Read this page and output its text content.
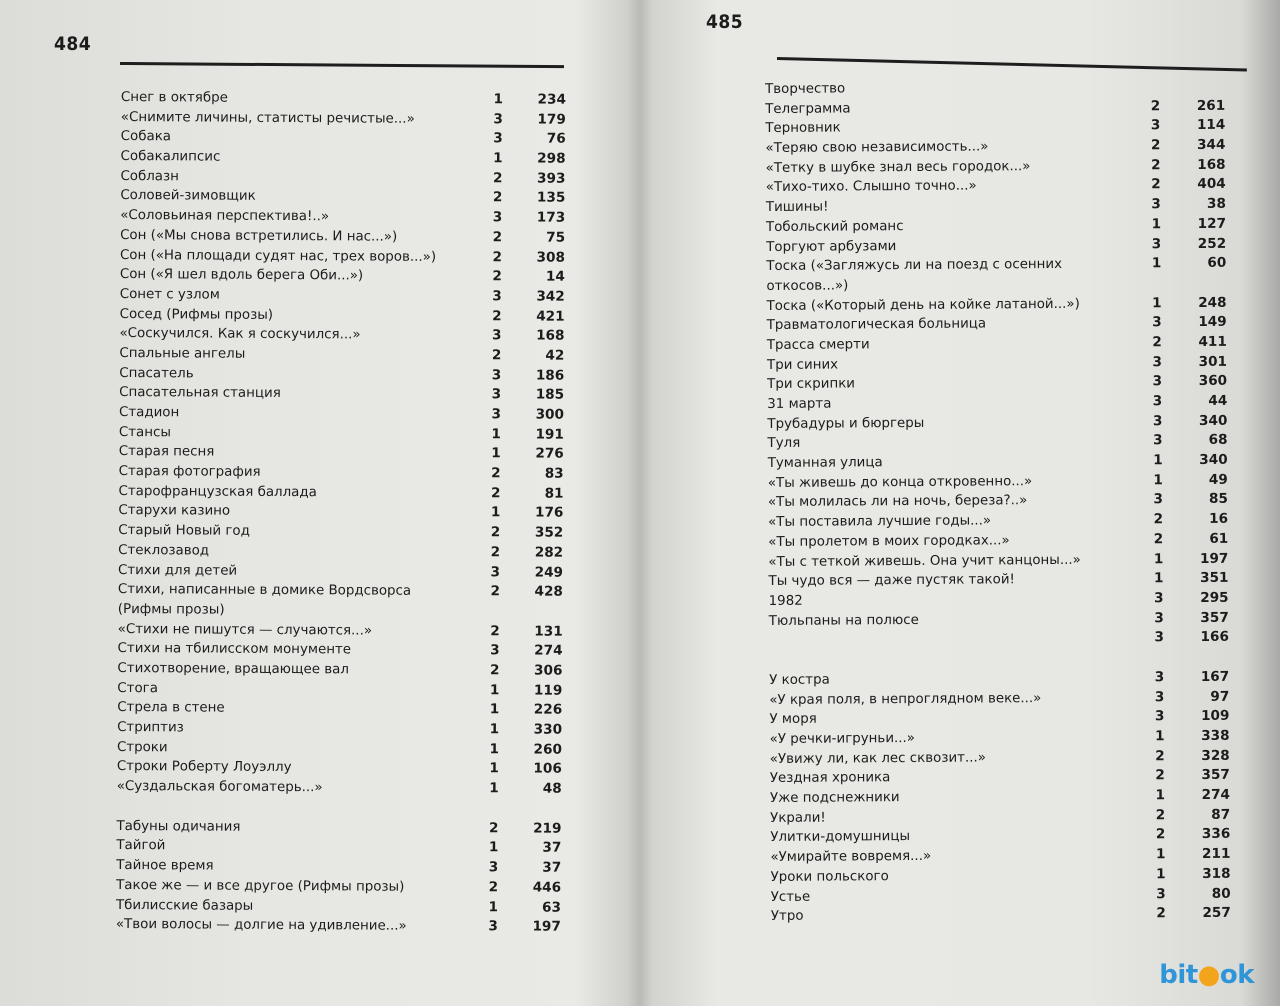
484
Снег в октябре	1	234
«Снимите личины, статисты речистые...»	3	179
Собака	3	76
Собакалипсис	1	298
Соблазн	2	393
Соловей-зимовщик	2	135
«Соловьиная перспектива!..»	3	173
Сон («Мы снова встретились. И нас...»)	2	75
Сон («На площади судят нас, трех воров...»)	2	308
Сон («Я шел вдоль берега Оби...»)	2	14
Сонет с узлом	3	342
Сосед (Рифмы прозы)	2	421
«Соскучился. Как я соскучился...»	3	168
Спальные ангелы	2	42
Спасатель	3	186
Спасательная станция	3	185
Стадион	3	300
Стансы	1	191
Старая песня	1	276
Старая фотография	2	83
Старофранцузская баллада	2	81
Старухи казино	1	176
Старый Новый год	2	352
Стеклозавод	2	282
Стихи для детей	3	249
Стихи, написанные в домике Вордсворса (Рифмы прозы)
2	428
«Стихи не пишутся — случаются...»	2	131
Стихи на тбилисском монументе	3	274
Стихотворение, вращающее вал	2	306
Стога	1	119
Стрела в стене	1	226
Стриптиз	1	330
Строки	1	260
Строки Роберту Лоуэллу	1	106
«Суздальская богоматерь...»	1	48
Табуны одичания	2	219
Тайгой	1	37
Тайное время	3	37
Такое же — и все другое (Рифмы прозы)	2	446
Тбилисские базары	1	63
«Твои волосы — долгие на удивление...»	3	197
485
Творчество
Телеграмма	2	261
Терновник	3	114
«Теряю свою независимость...»	2	344
«Тетку в шубке знал весь городок...»	2	168
«Тихо-тихо. Слышно точно...»	2	404
Тишины!	3	38
Тобольский романс	1	127
Торгуют арбузами	3	252
Тоска («Загляжусь ли на поезд с осенних откосов...»)
1	60
Тоска («Который день на койке латаной...»)	1	248
Травматологическая больница	3	149
Трасса смерти	2	411
Три синих	3	301
Три скрипки	3	360
31 марта	3	44
Трубадуры и бюргеры	3	340
Туля	3	68
Туманная улица	1	340
«Ты живешь до конца откровенно...»	1	49
«Ты молилась ли на ночь, береза?..»	3	85
«Ты поставила лучшие годы...»	2	16
«Ты пролетом в моих городках...»	2	61
«Ты с теткой живешь. Она учит канцоны...»	1	197
Ты чудо вся — даже пустяк такой!	1	351
1982	3	295
Тюльпаны на полюсе	3	357
3	166
У костра	3	167
«У края поля, в непроглядном веке...»	3	97
У моря	3	109
«У речки-игруньи...»	1	338
«Увижу ли, как лес сквозит...»	2	328
Уездная хроника	2	357
Уже подснежники	1	274
Украли!	2	87
Улитки-домушницы	2	336
«Умирайте вовремя...»	1	211
Уроки польского	1	318
Устье	3	80
Утро	2	257
bit●ok
